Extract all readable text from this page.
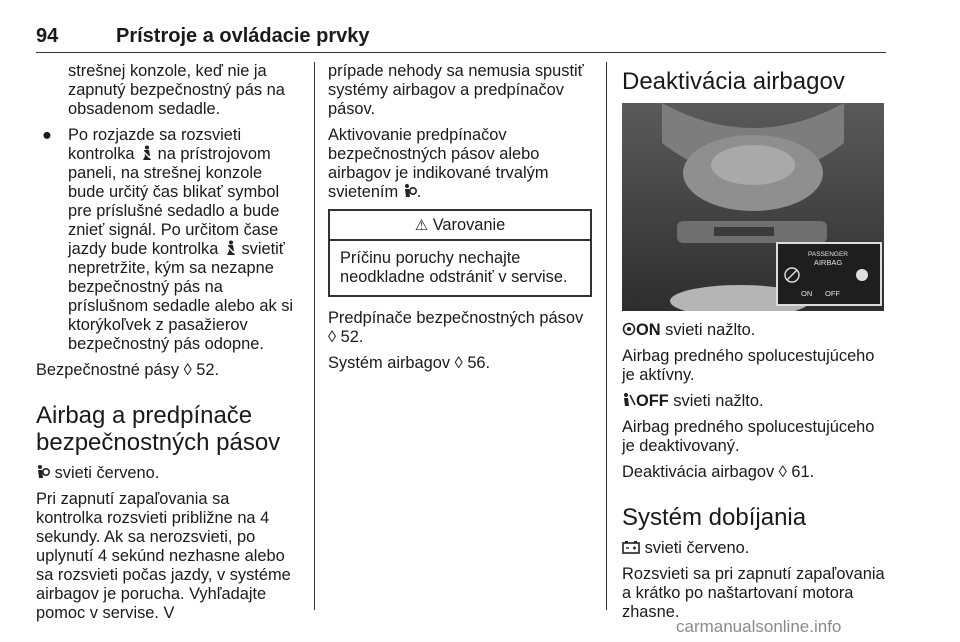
94	Prístroje a ovládacie prvky

strešnej konzole, keď nie ja zapnutý bezpečnostný pás na obsadenom sedadle.

● Po rozjazde sa rozsvieti kontrolka na prístrojovom paneli, na strešnej konzole bude určitý čas blikať symbol pre príslušné sedadlo a bude znieť signál. Po určitom čase jazdy bude kontrolka svietiť nepretržite, kým sa nezapne bezpečnostný pás na príslušnom sedadle alebo ak si ktorýkoľvek z pasažierov bezpečnostný pás odopne.

Bezpečnostné pásy ◊ 52.

Airbag a predpínače bezpečnostných pásov

svieti červeno.

Pri zapnutí zapaľovania sa kontrolka rozsvieti približne na 4 sekundy. Ak sa nerozsvieti, po uplynutí 4 sekúnd nezhasne alebo sa rozsvieti počas jazdy, v systéme airbagov je porucha. Vyhľadajte pomoc v servise. V

prípade nehody sa nemusia spustiť systémy airbagov a predpínačov pásov.

Aktivovanie predpínačov bezpečnostných pásov alebo airbagov je indikované trvalým svietením .

⚠ Varovanie
Príčinu poruchy nechajte neodkladne odstrániť v servise.

Predpínače bezpečnostných pásov ◊ 52.

Systém airbagov ◊ 56.

Deaktivácia airbagov
PASSENGER
AIRBAG
ON OFF

ON svieti nažlto.

Airbag predného spolucestujúceho je aktívny.

OFF svieti nažlto.

Airbag predného spolucestujúceho je deaktivovaný.

Deaktivácia airbagov ◊ 61.

Systém dobíjania

svieti červeno.

Rozsvieti sa pri zapnutí zapaľovania a krátko po naštartovaní motora zhasne.

carmanualsonline.info
